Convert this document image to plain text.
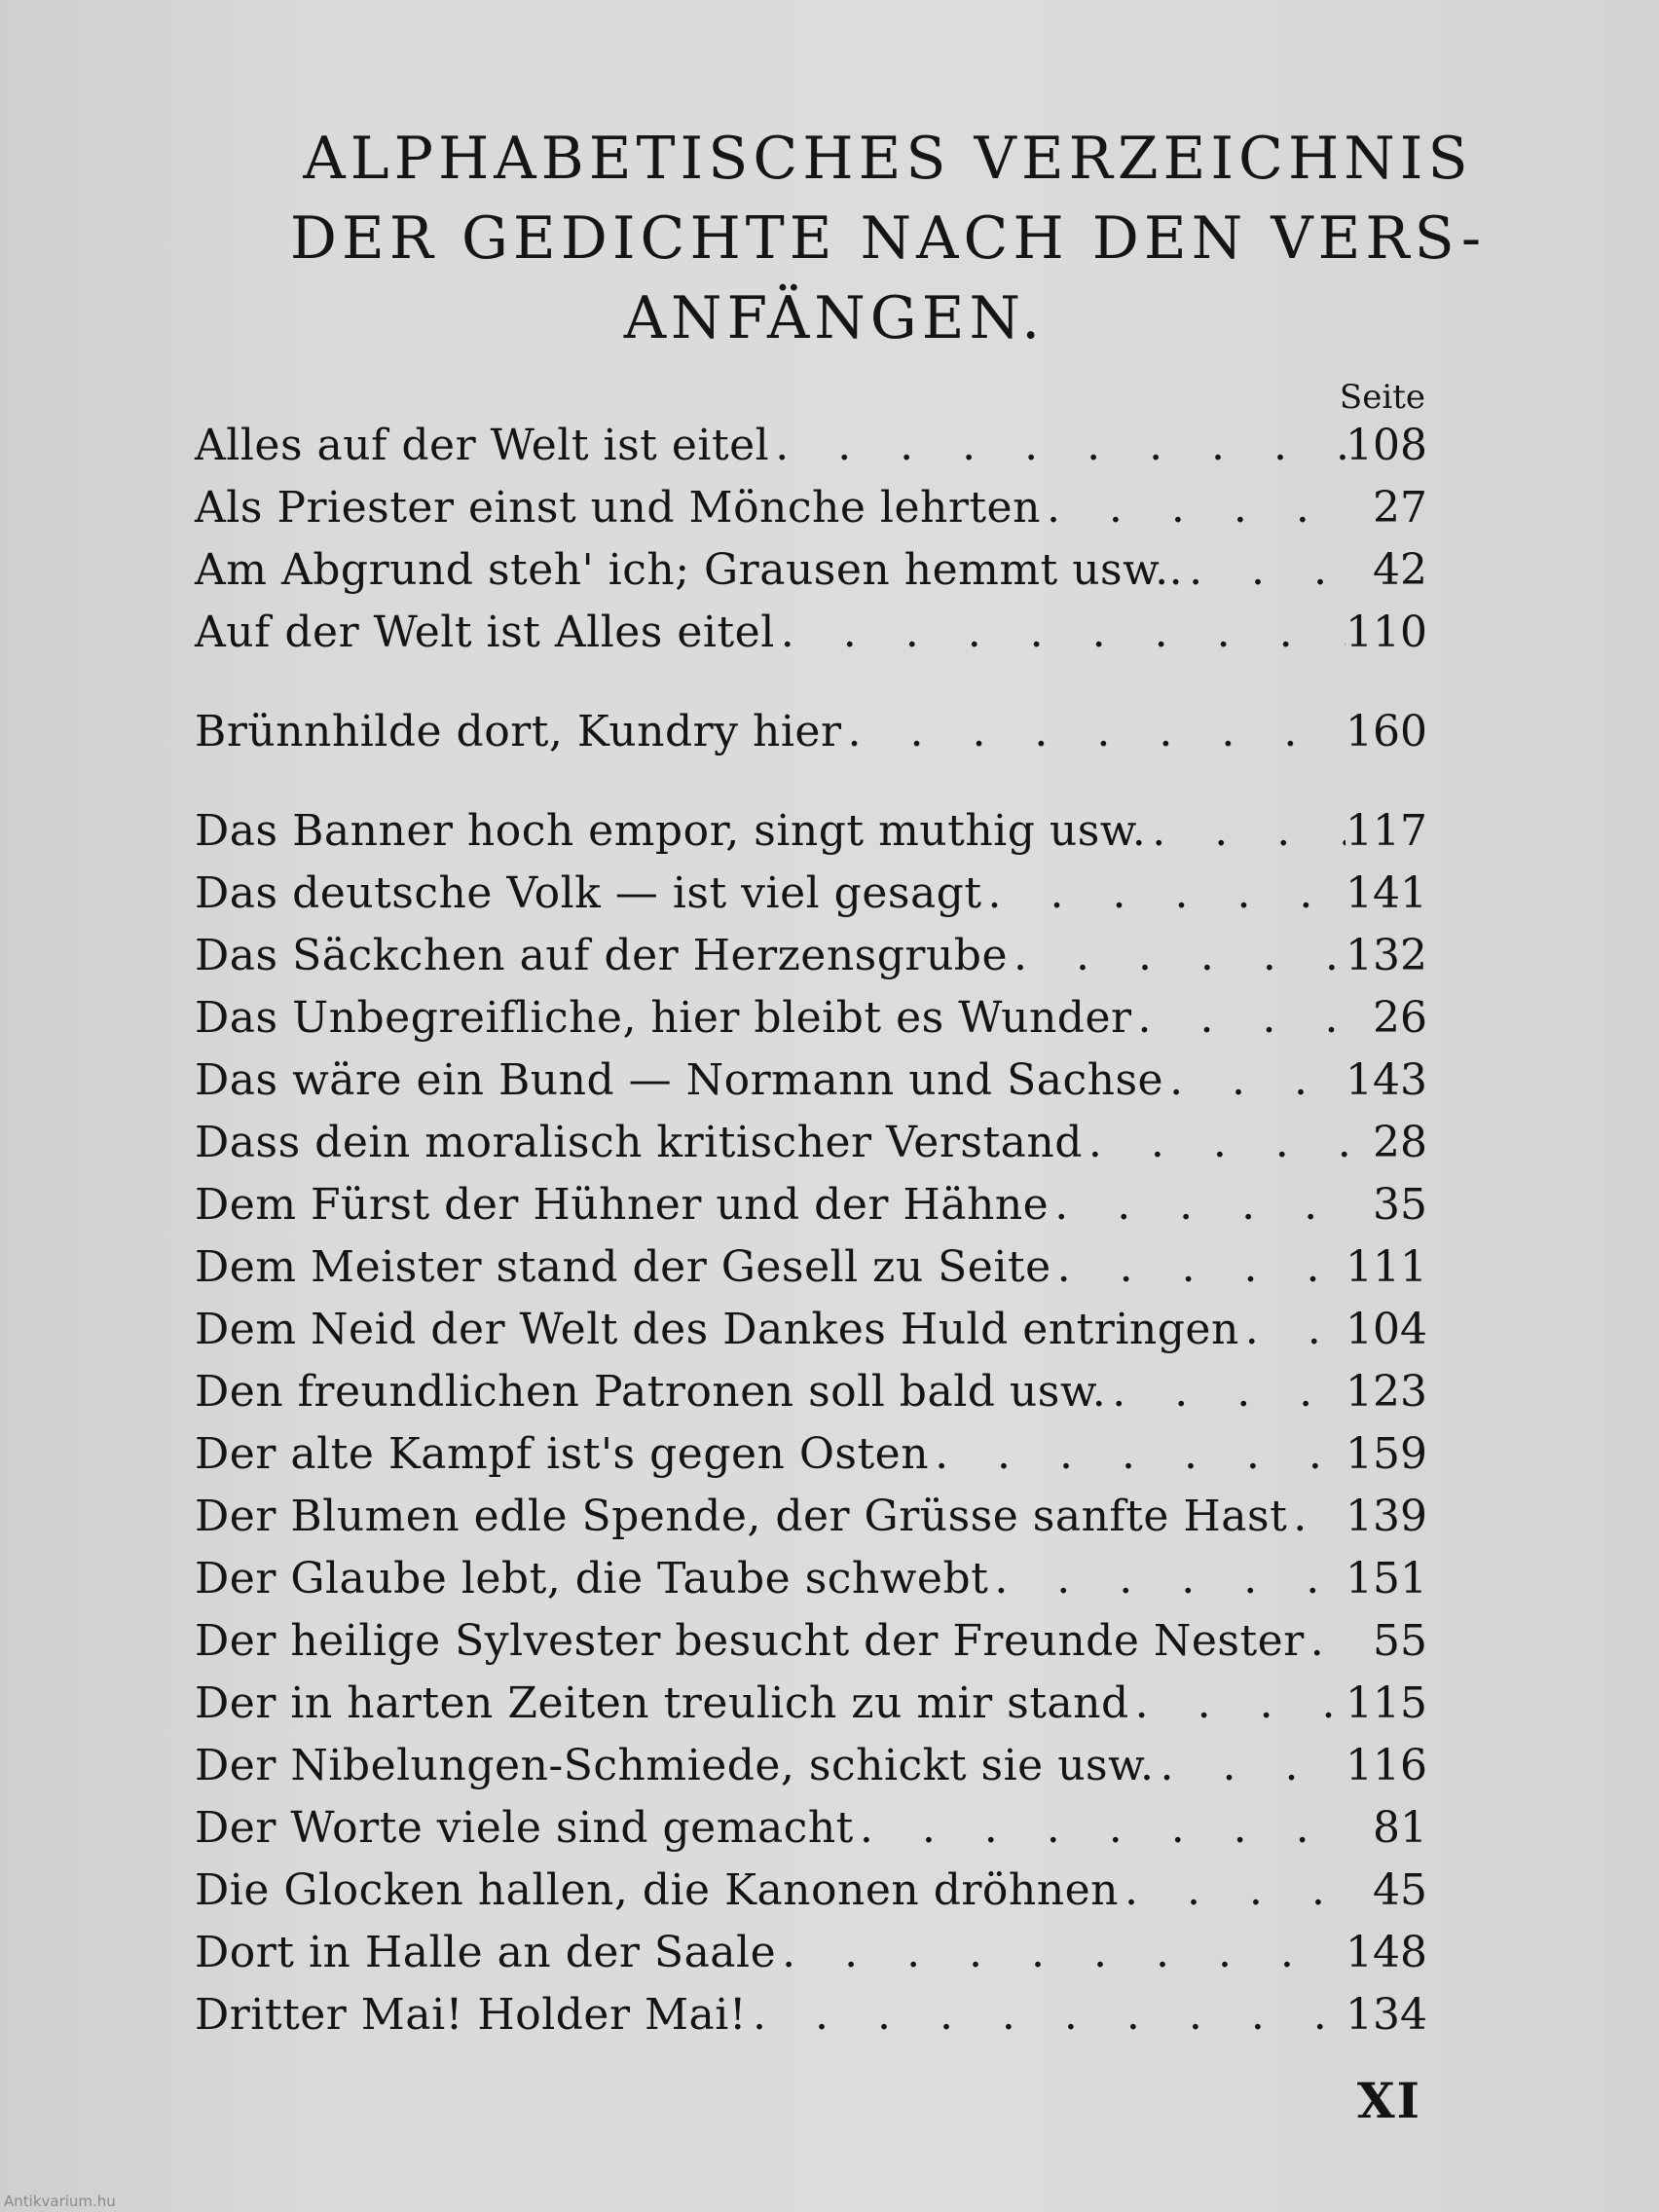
ALPHABETISCHES VERZEICHNIS
DER GEDICHTE NACH DEN VERS-
ANFÄNGEN.
Seite
Alles auf der Welt ist eitel . . .	108
Als Priester einst und Mönche lehrten . . .	27
Am Abgrund steh' ich; Grausen hemmt usw.. . . .	42
Auf der Welt ist Alles eitel . . .	110
Brünnhilde dort, Kundry hier . . .	160
Das Banner hoch empor, singt muthig usw. . . .	117
Das deutsche Volk — ist viel gesagt . . .	141
Das Säckchen auf der Herzensgrube . . .	132
Das Unbegreifliche, hier bleibt es Wunder . . .	26
Das wäre ein Bund — Normann und Sachse . . .	143
Dass dein moralisch kritischer Verstand . . .	28
Dem Fürst der Hühner und der Hähne . . .	35
Dem Meister stand der Gesell zu Seite . . .	111
Dem Neid der Welt des Dankes Huld entringen . . . 104
Den freundlichen Patronen soll bald usw. . . .	123
Der alte Kampf ist's gegen Osten . . .	159
Der Blumen edle Spende, der Grüsse sanfte Hast . . . 139
Der Glaube lebt, die Taube schwebt . . .	151
Der heilige Sylvester besucht der Freunde Nester . . .	55
Der in harten Zeiten treulich zu mir stand . . .	115
Der Nibelungen-Schmiede, schickt sie usw. . . .	116
Der Worte viele sind gemacht . . .	81
Die Glocken hallen, die Kanonen dröhnen . . .	45
Dort in Halle an der Saale . . .	148
Dritter Mai! Holder Mai! . . .	134
XI
Antikvarium.hu
